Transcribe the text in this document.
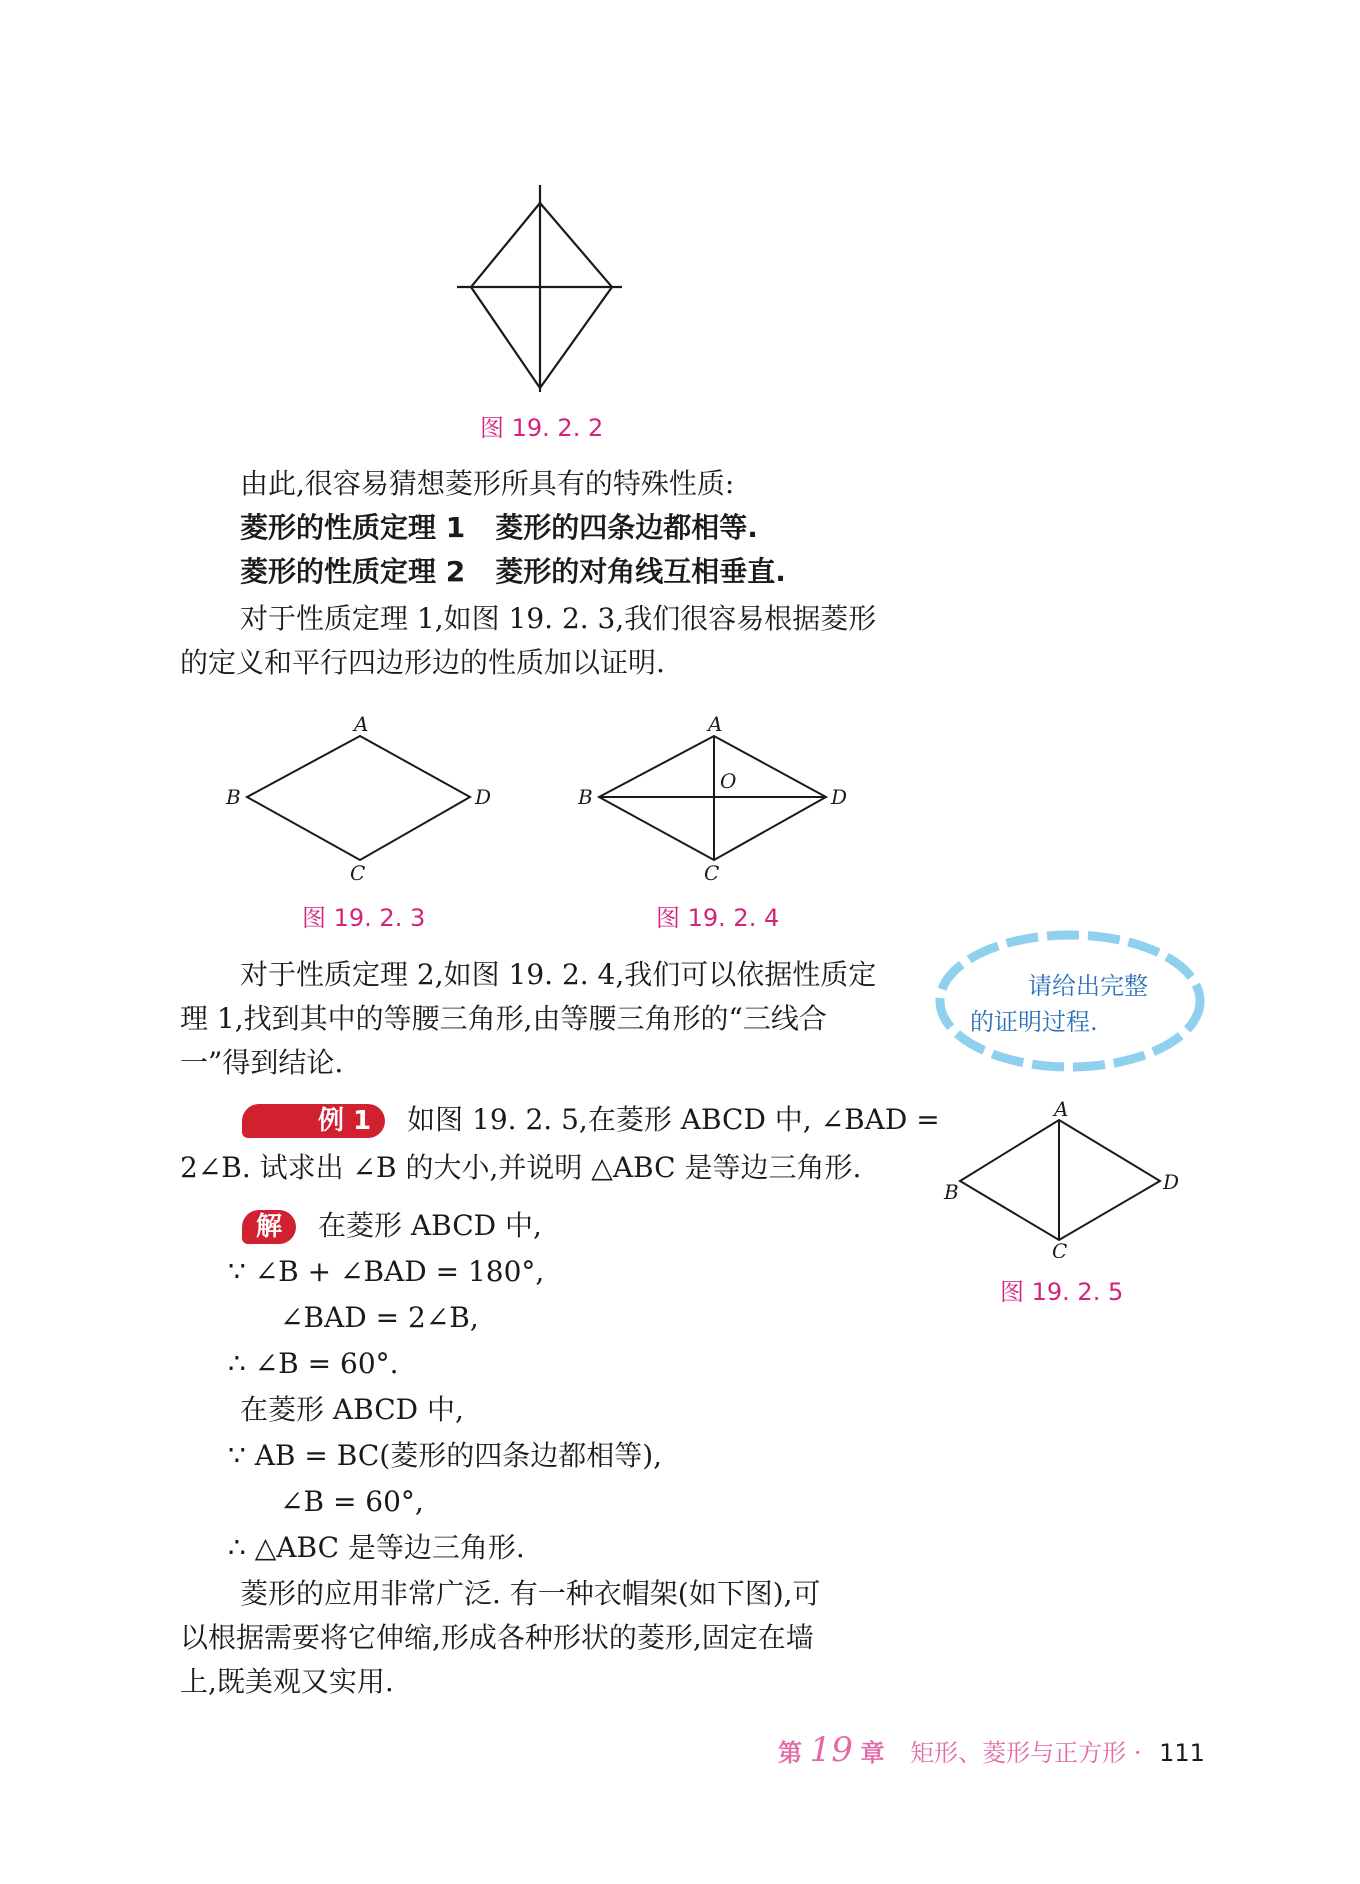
图 19. 2. 2

由此,很容易猜想菱形所具有的特殊性质:

菱形的性质定理 1 菱形的四条边都相等.

菱形的性质定理 2 菱形的对角线互相垂直.

对于性质定理 1,如图 19. 2. 3,我们很容易根据菱形

的定义和平行四边形边的性质加以证明.

A
B
C
D
图 19. 2. 3
A
B
C
D
O
图 19. 2. 4

对于性质定理 2,如图 19. 2. 4,我们可以依据性质定

理 1,找到其中的等腰三角形,由等腰三角形的“三线合

一”得到结论.

请给出完整
的证明过程.

例 1 如图 19. 2. 5,在菱形 ABCD 中, ∠BAD =

2∠B. 试求出 ∠B 的大小,并说明 △ABC 是等边三角形.

解 在菱形 ABCD 中,

∵ ∠B + ∠BAD = 180°,
∠BAD = 2∠B,
∴ ∠B = 60°.
在菱形 ABCD 中,
∵ AB = BC(菱形的四条边都相等),
∠B = 60°,
∴ △ABC 是等边三角形.
A
B
C
D
图 19. 2. 5

菱形的应用非常广泛. 有一种衣帽架(如下图),可

以根据需要将它伸缩,形成各种形状的菱形,固定在墙

上,既美观又实用.

第 19 章 矩形、菱形与正方形 · 111
